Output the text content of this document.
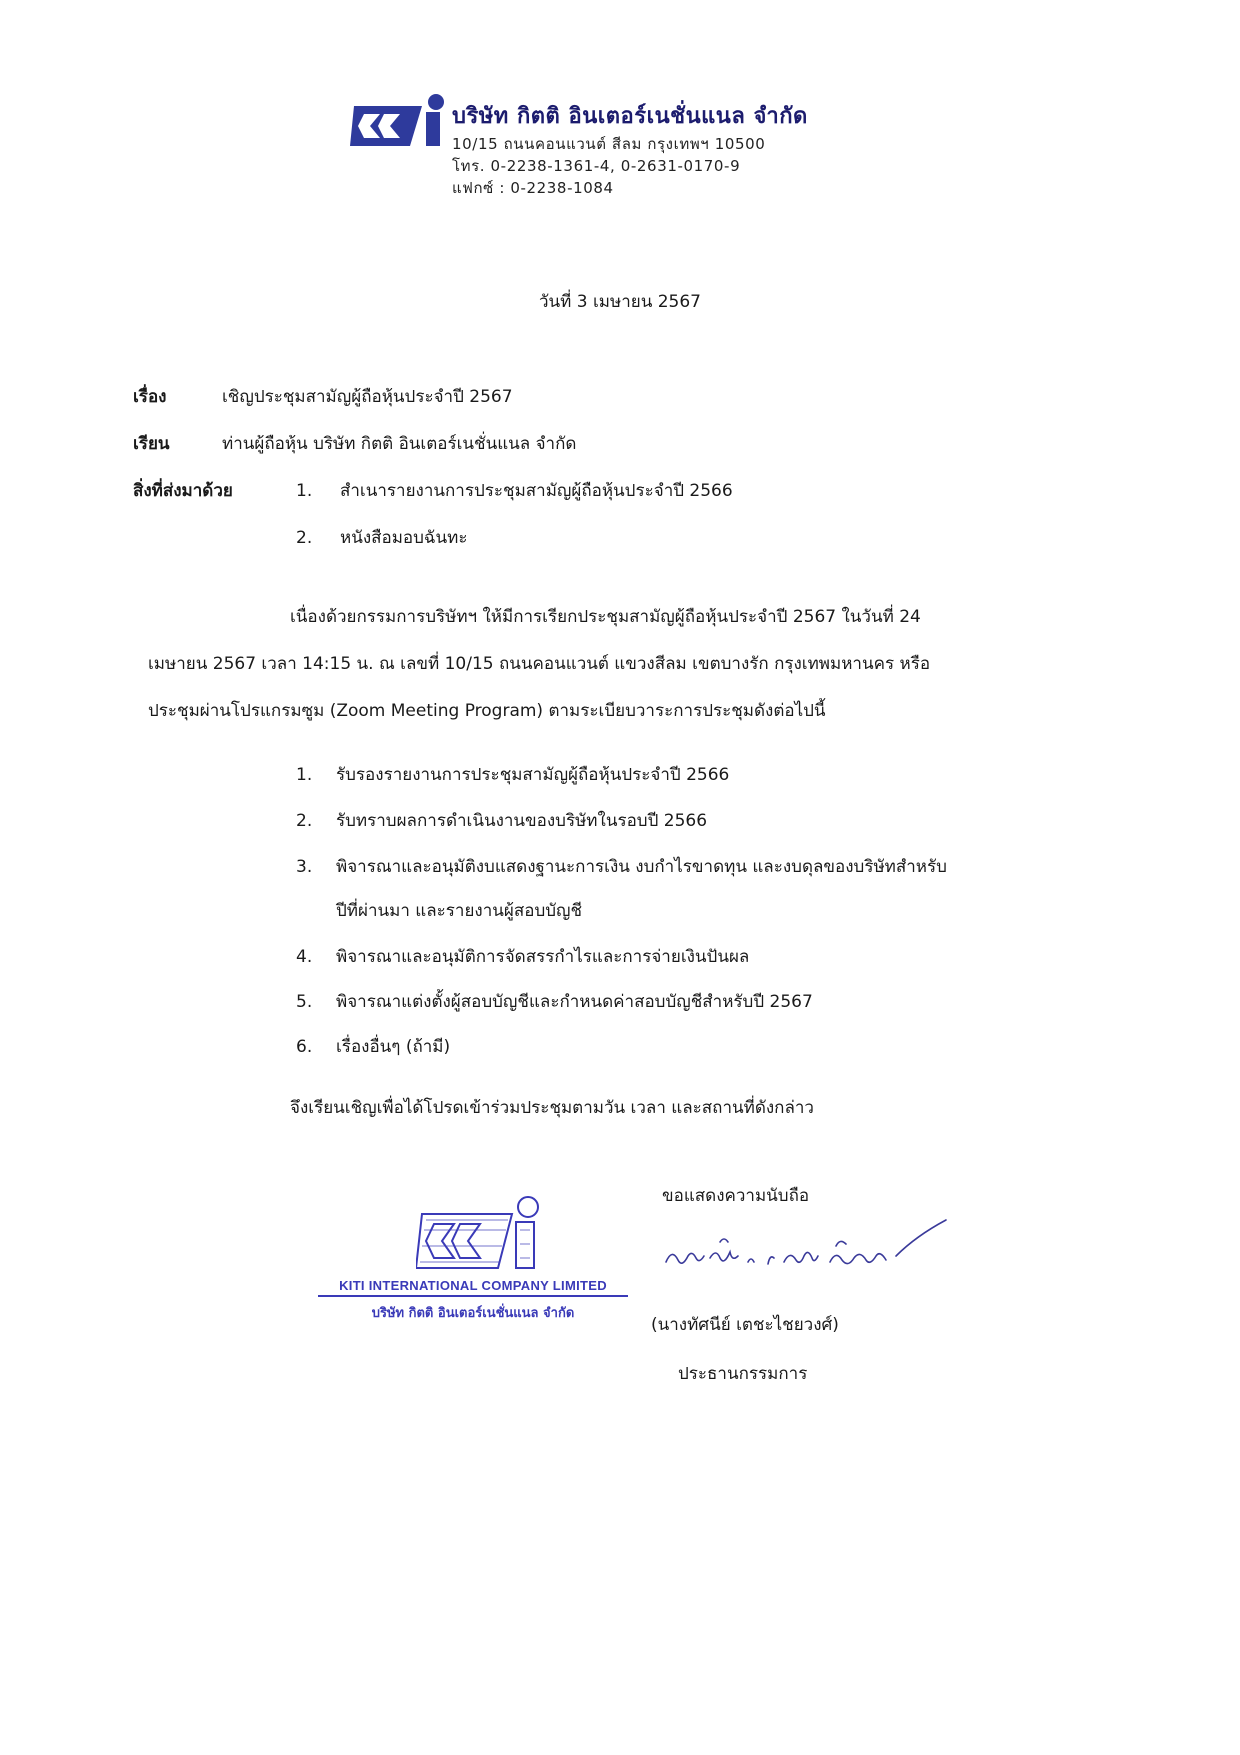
บริษัท กิตติ อินเตอร์เนชั่นแนล จำกัด
10/15 ถนนคอนแวนต์ สีลม กรุงเทพฯ 10500
โทร. 0-2238-1361-4, 0-2631-0170-9
แฟกซ์ : 0-2238-1084
วันที่ 3 เมษายน 2567
เรื่อง	เชิญประชุมสามัญผู้ถือหุ้นประจำปี 2567
เรียน	ท่านผู้ถือหุ้น บริษัท กิตติ อินเตอร์เนชั่นแนล จำกัด
สิ่งที่ส่งมาด้วย	1. สำเนารายงานการประชุมสามัญผู้ถือหุ้นประจำปี 2566
2. หนังสือมอบฉันทะ
เนื่องด้วยกรรมการบริษัทฯ ให้มีการเรียกประชุมสามัญผู้ถือหุ้นประจำปี 2567 ในวันที่ 24
เมษายน 2567 เวลา 14:15 น. ณ เลขที่ 10/15 ถนนคอนแวนต์ แขวงสีลม เขตบางรัก กรุงเทพมหานคร หรือ
ประชุมผ่านโปรแกรมซูม (Zoom Meeting Program) ตามระเบียบวาระการประชุมดังต่อไปนี้
1. รับรองรายงานการประชุมสามัญผู้ถือหุ้นประจำปี 2566
2. รับทราบผลการดำเนินงานของบริษัทในรอบปี 2566
3. พิจารณาและอนุมัติงบแสดงฐานะการเงิน งบกำไรขาดทุน และงบดุลของบริษัทสำหรับ
ปีที่ผ่านมา และรายงานผู้สอบบัญชี
4. พิจารณาและอนุมัติการจัดสรรกำไรและการจ่ายเงินปันผล
5. พิจารณาแต่งตั้งผู้สอบบัญชีและกำหนดค่าสอบบัญชีสำหรับปี 2567
6. เรื่องอื่นๆ (ถ้ามี)
จึงเรียนเชิญเพื่อได้โปรดเข้าร่วมประชุมตามวัน เวลา และสถานที่ดังกล่าว
ขอแสดงความนับถือ
KITI INTERNATIONAL COMPANY LIMITED
บริษัท กิตติ อินเตอร์เนชั่นแนล จำกัด
(นางทัศนีย์ เตชะไชยวงศ์)
ประธานกรรมการ
